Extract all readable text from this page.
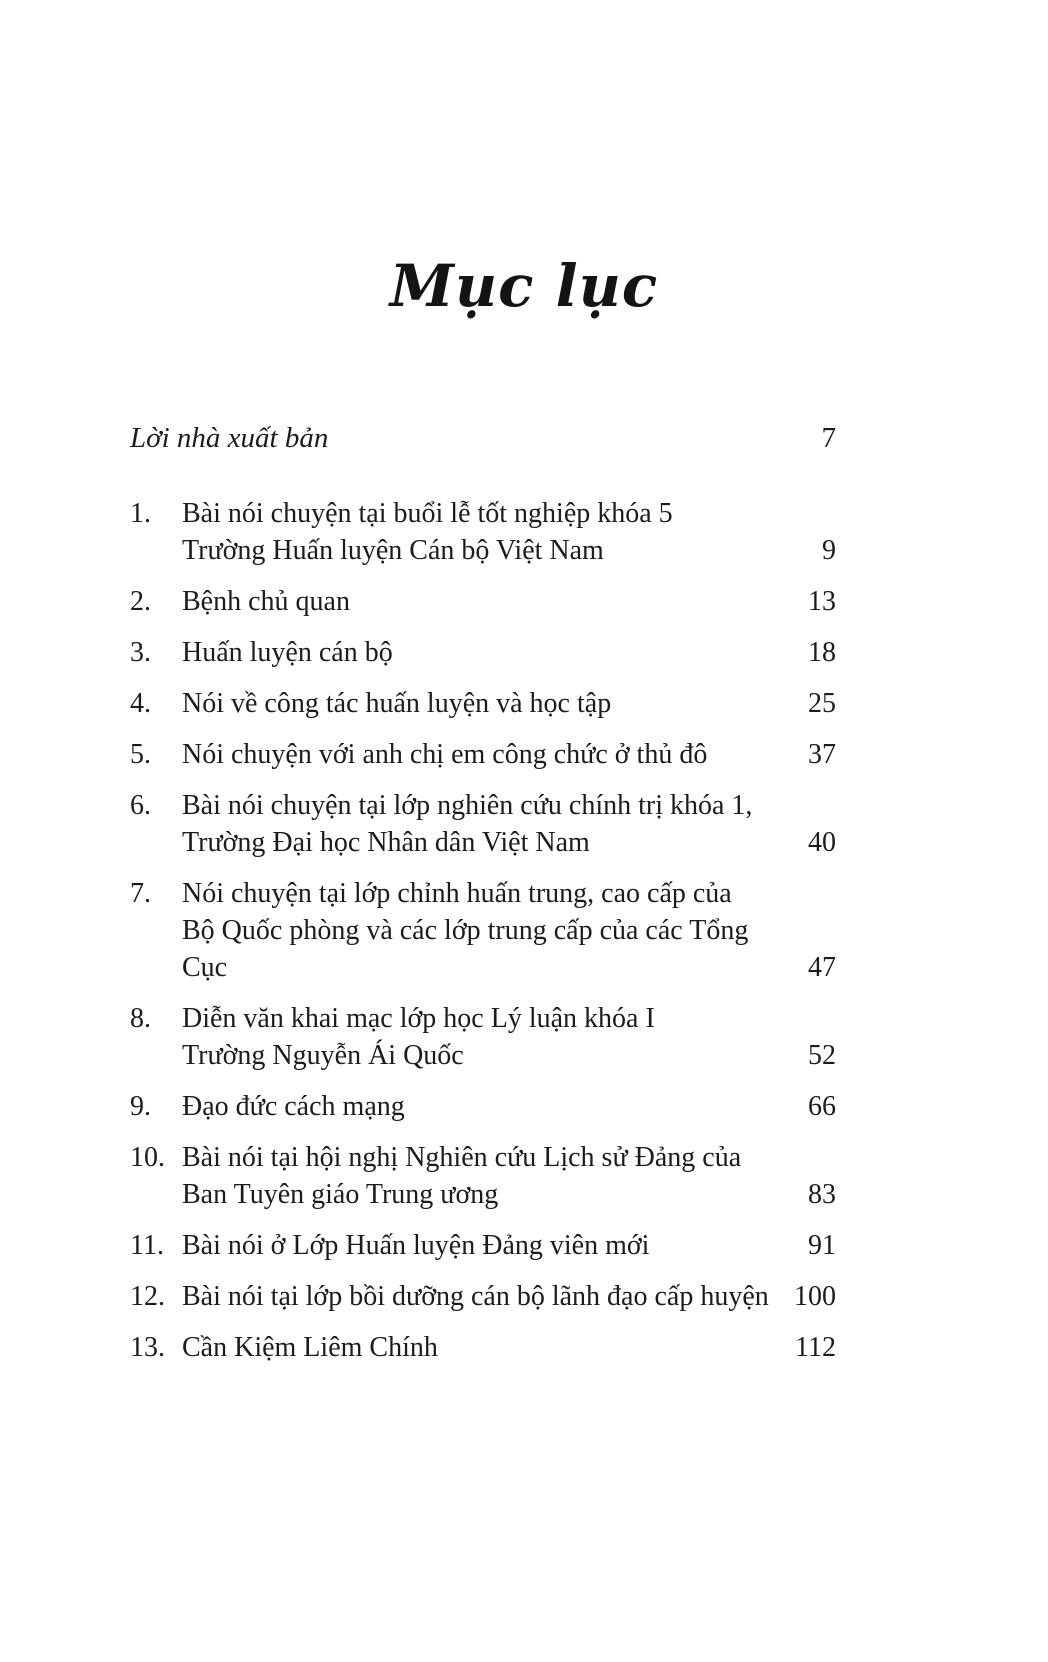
Mục lục
Lời nhà xuất bản	7
1.	Bài nói chuyện tại buổi lễ tốt nghiệp khóa 5
Trường Huấn luyện Cán bộ Việt Nam	9
2.	Bệnh chủ quan	13
3.	Huấn luyện cán bộ	18
4.	Nói về công tác huấn luyện và học tập	25
5.	Nói chuyện với anh chị em công chức ở thủ đô	37
6.	Bài nói chuyện tại lớp nghiên cứu chính trị khóa 1,
Trường Đại học Nhân dân Việt Nam	40
7.	Nói chuyện tại lớp chỉnh huấn trung, cao cấp của
Bộ Quốc phòng và các lớp trung cấp của các Tổng Cục	47
8.	Diễn văn khai mạc lớp học Lý luận khóa I
Trường Nguyễn Ái Quốc	52
9.	Đạo đức cách mạng	66
10. Bài nói tại hội nghị Nghiên cứu Lịch sử Đảng của
Ban Tuyên giáo Trung ương	83
11. Bài nói ở Lớp Huấn luyện Đảng viên mới	91
12. Bài nói tại lớp bồi dưỡng cán bộ lãnh đạo cấp huyện 100
13. Cần Kiệm Liêm Chính	112
